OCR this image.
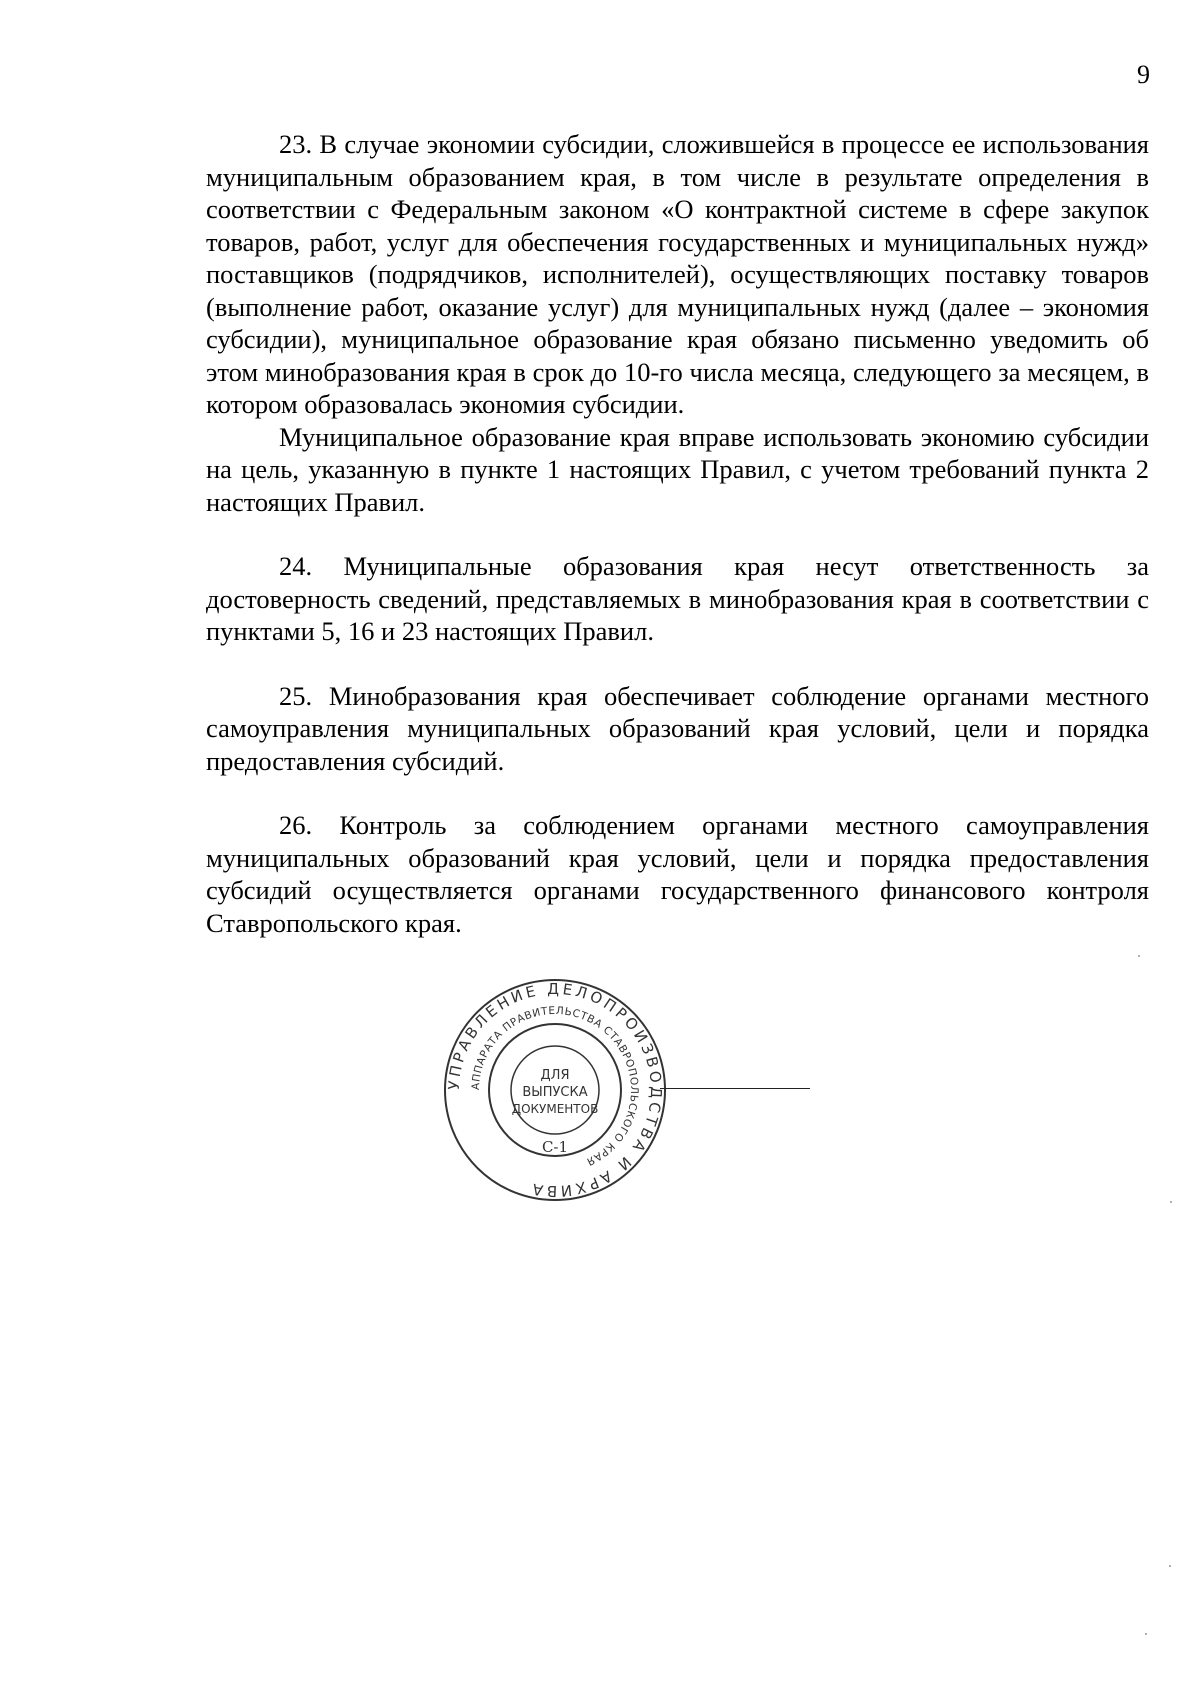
9

23. В случае экономии субсидии, сложившейся в процессе ее использования муниципальным образованием края, в том числе в результате определения в соответствии с Федеральным законом «О контрактной системе в сфере закупок товаров, работ, услуг для обеспечения государственных и муниципальных нужд» поставщиков (подрядчиков, исполнителей), осуществляющих поставку товаров (выполнение работ, оказание услуг) для муниципальных нужд (далее – экономия субсидии), муниципальное образование края обязано письменно уведомить об этом минобразования края в срок до 10-го числа месяца, следующего за месяцем, в котором образовалась экономия субсидии.

Муниципальное образование края вправе использовать экономию субсидии на цель, указанную в пункте 1 настоящих Правил, с учетом требований пункта 2 настоящих Правил.

24. Муниципальные образования края несут ответственность за достоверность сведений, представляемых в минобразования края в соответствии с пунктами 5, 16 и 23 настоящих Правил.

25. Минобразования края обеспечивает соблюдение органами местного самоуправления муниципальных образований края условий, цели и порядка предоставления субсидий.

26. Контроль за соблюдением органами местного самоуправления муниципальных образований края условий, цели и порядка предоставления субсидий осуществляется органами государственного финансового контроля Ставропольского края.

УПРАВЛЕНИЕ ДЕЛОПРОИЗВОДСТВА И АРХИВА
АППАРАТА ПРАВИТЕЛЬСТВА СТАВРОПОЛЬСКОГО КРАЯ
ДЛЯ
ВЫПУСКА
ДОКУМЕНТОВ
С-1
